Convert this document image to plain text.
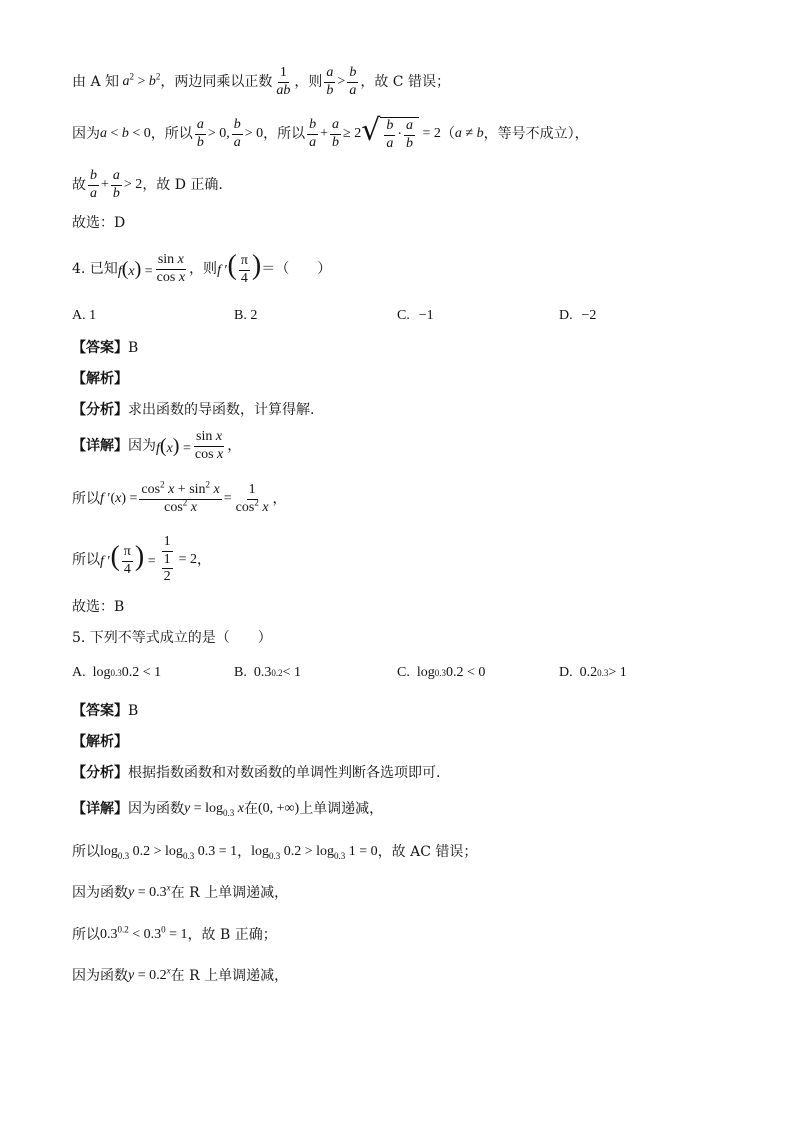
由 A 知 $a^2 > b^2$ ，两边同乘以正数 $\frac{1}{ab}$ ，则 $\frac{a}{b} > \frac{b}{a}$ ，故 C 错误；
因为 a < b < 0 ，所以 $\frac{a}{b} > 0$, $\frac{b}{a} > 0$ ，所以 $\frac{b}{a} + \frac{a}{b} \ge 2$ √ $\frac{b}{a} \cdot \frac{a}{b} = 2$ （ a ≠ b ，等号不成立），
故 $\frac{b}{a} + \frac{a}{b} > 2$ ，故 D 正确.
故选：D
4. 已知 $f(x) = \frac{\text{sin x}}{\text{cos x}}$ ，则 f ′( $\frac{\pi}{4}$ ) ＝（　　）
A. 1	B. 2	C.
−1	D.
−2
【答案】 B
【解析】
【分析】 求出函数的导函数，计算得解.
【详解】 因为 $f(x) = \frac{\text{sin x}}{\text{cos x}}$ ，
所以 f $'(x) = \frac{\cos^2 x + \sin^2 x}{\cos^2 x} = \frac{1}{\cos^2 x}$ ，
所以 f ′( $\frac{\pi}{4}$ ) = $\frac{1}{\frac{1}{2}} = 2$ ，
故选：B
5. 下列不等式成立的是（　　）
A. log 0.3 0.2 < 1	B. 0.3 0.2 < 1	C. log 0.3 0.2 < 0	D. 0.2 0.3 > 1
【答案】 B
【解析】
【分析】 根据指数函数和对数函数的单调性判断各选项即可.
【详解】 因为函数 $y = \log_{0.3} x$ 在 (0, +∞) 上单调递减，
所以 $\log_{0.3} 0.2 > \log_{0.3} 0.3 = 1$ ， $\log_{0.3} 0.2 > \log_{0.3} 1 = 0$ ，故 AC 错误；
因为函数 $y = 0.3^x$ 在 R 上单调递减，
所以 $0.3^{0.2} < 0.3^0 = 1$ ，故 B 正确；
因为函数 $y = 0.2^x$ 在 R 上单调递减，
